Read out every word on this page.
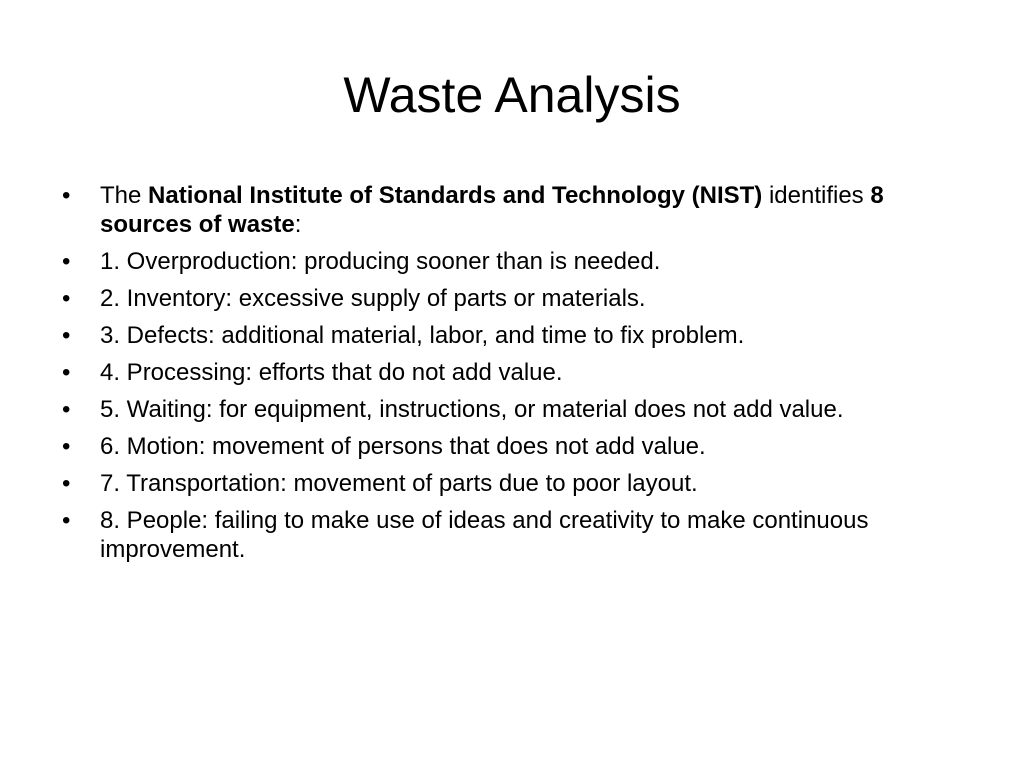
Waste Analysis
•	The National Institute of Standards and Technology (NIST) identifies 8 sources of waste:
•	1. Overproduction: producing sooner than is needed.
•	2. Inventory: excessive supply of parts or materials.
•	3. Defects: additional material, labor, and time to fix problem.
•	4. Processing: efforts that do not add value.
•	5. Waiting: for equipment, instructions, or material does not add value.
•	6. Motion: movement of persons that does not add value.
•	7. Transportation: movement of parts due to poor layout.
•	8. People: failing to make use of ideas and creativity to make continuous improvement.
